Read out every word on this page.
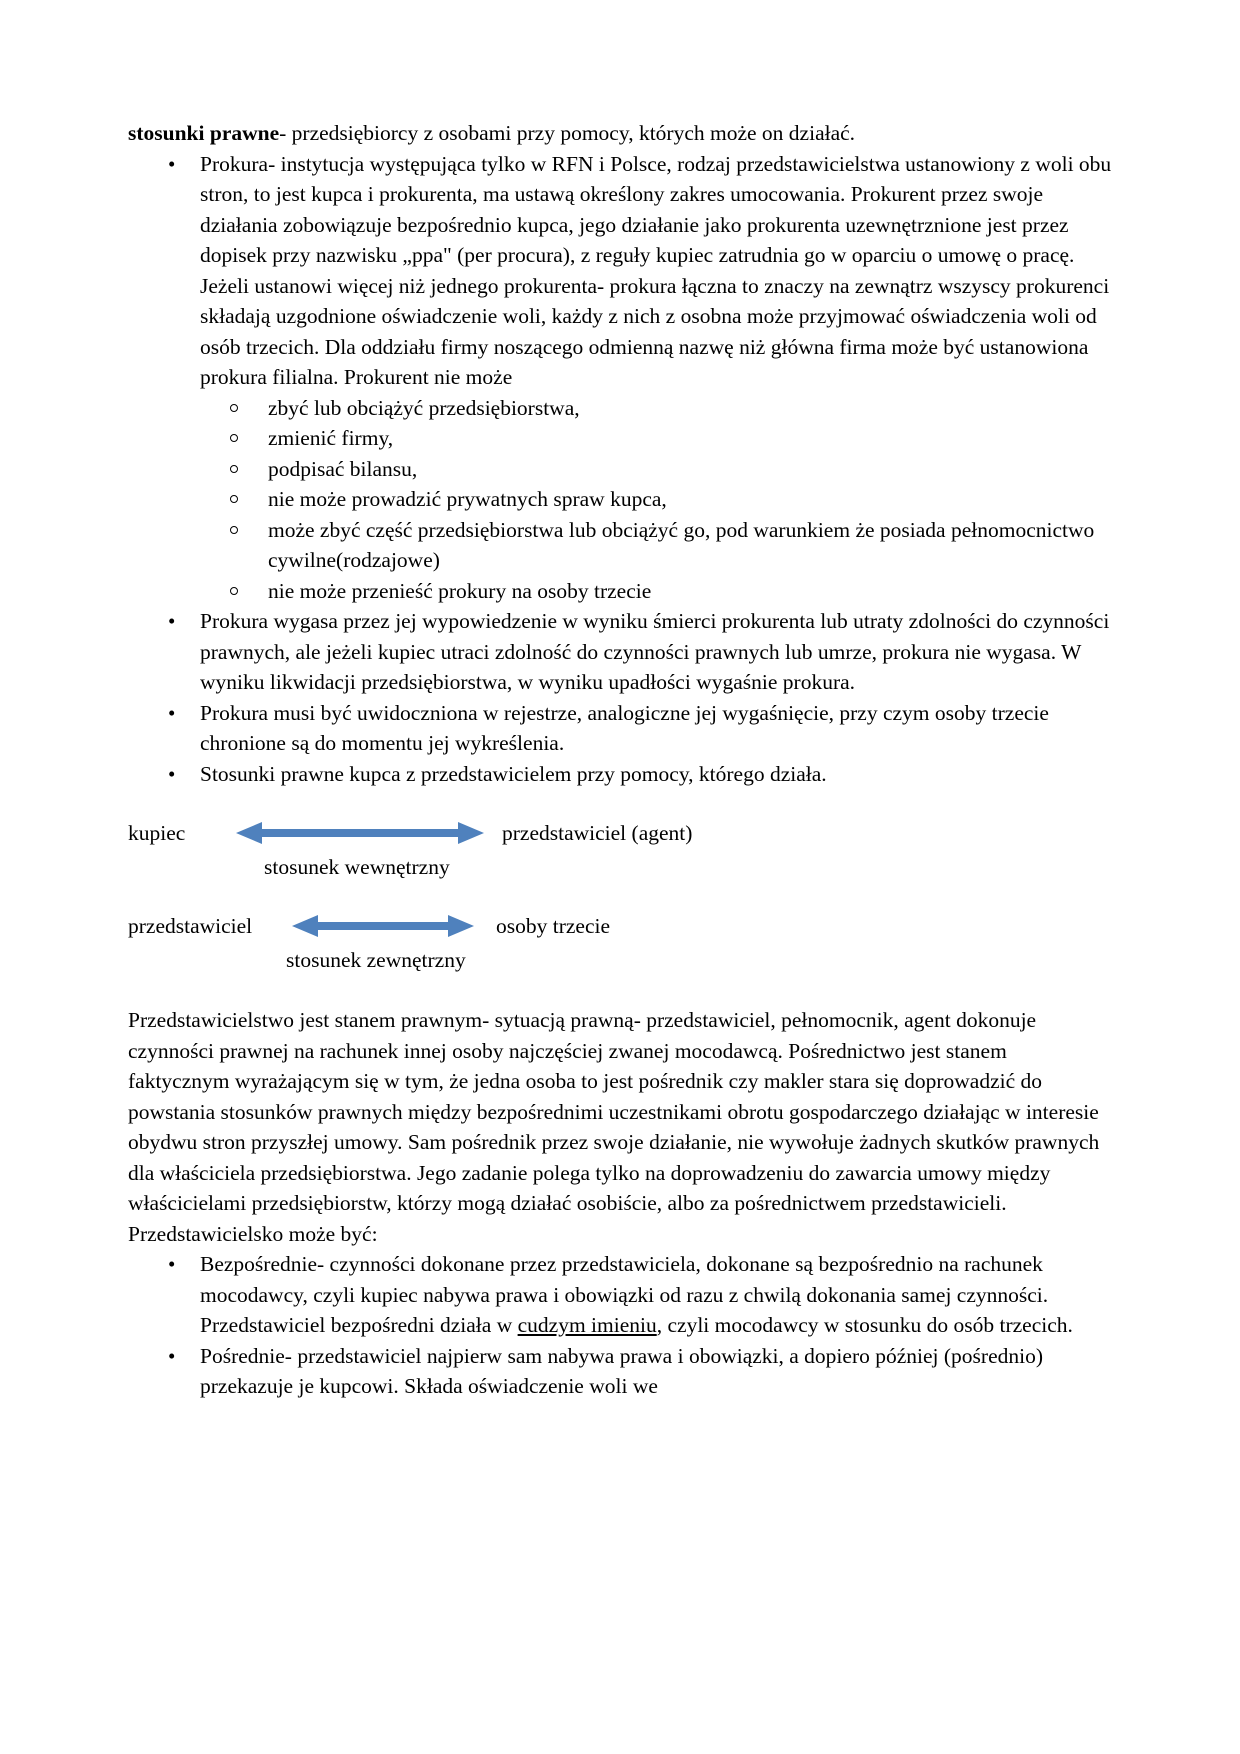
stosunki prawne- przedsiębiorcy z osobami przy pomocy, których może on działać.

• Prokura- instytucja występująca tylko w RFN i Polsce, rodzaj przedstawicielstwa ustanowiony z woli obu stron, to jest kupca i prokurenta, ma ustawą określony zakres umocowania. Prokurent przez swoje działania zobowiązuje bezpośrednio kupca, jego działanie jako prokurenta uzewnętrznione jest przez dopisek przy nazwisku „ppa" (per procura), z reguły kupiec zatrudnia go w oparciu o umowę o pracę. Jeżeli ustanowi więcej niż jednego prokurenta- prokura łączna to znaczy na zewnątrz wszyscy prokurenci składają uzgodnione oświadczenie woli, każdy z nich z osobna może przyjmować oświadczenia woli od osób trzecich. Dla oddziału firmy noszącego odmienną nazwę niż główna firma może być ustanowiona prokura filialna. Prokurent nie może
zbyć lub obciążyć przedsiębiorstwa,
zmienić firmy,
podpisać bilansu,
nie może prowadzić prywatnych spraw kupca,
może zbyć część przedsiębiorstwa lub obciążyć go, pod warunkiem że posiada pełnomocnictwo cywilne(rodzajowe)
nie może przenieść prokury na osoby trzecie
• Prokura wygasa przez jej wypowiedzenie w wyniku śmierci prokurenta lub utraty zdolności do czynności prawnych, ale jeżeli kupiec utraci zdolność do czynności prawnych lub umrze, prokura nie wygasa. W wyniku likwidacji przedsiębiorstwa, w wyniku upadłości wygaśnie prokura.
• Prokura musi być uwidoczniona w rejestrze, analogiczne jej wygaśnięcie, przy czym osoby trzecie chronione są do momentu jej wykreślenia.
• Stosunki prawne kupca z przedstawicielem przy pomocy, którego działa.
kupiec	przedstawiciel (agent)
stosunek wewnętrzny
przedstawiciel	osoby trzecie
stosunek zewnętrzny

Przedstawicielstwo jest stanem prawnym- sytuacją prawną- przedstawiciel, pełnomocnik, agent dokonuje czynności prawnej na rachunek innej osoby najczęściej zwanej mocodawcą. Pośrednictwo jest stanem faktycznym wyrażającym się w tym, że jedna osoba to jest pośrednik czy makler stara się doprowadzić do powstania stosunków prawnych między bezpośrednimi uczestnikami obrotu gospodarczego działając w interesie obydwu stron przyszłej umowy. Sam pośrednik przez swoje działanie, nie wywołuje żadnych skutków prawnych dla właściciela przedsiębiorstwa. Jego zadanie polega tylko na doprowadzeniu do zawarcia umowy między właścicielami przedsiębiorstw, którzy mogą działać osobiście, albo za pośrednictwem przedstawicieli. Przedstawicielsko może być:

• Bezpośrednie- czynności dokonane przez przedstawiciela, dokonane są bezpośrednio na rachunek mocodawcy, czyli kupiec nabywa prawa i obowiązki od razu z chwilą dokonania samej czynności. Przedstawiciel bezpośredni działa w cudzym imieniu, czyli mocodawcy w stosunku do osób trzecich.
• Pośrednie- przedstawiciel najpierw sam nabywa prawa i obowiązki, a dopiero później (pośrednio) przekazuje je kupcowi. Składa oświadczenie woli we
